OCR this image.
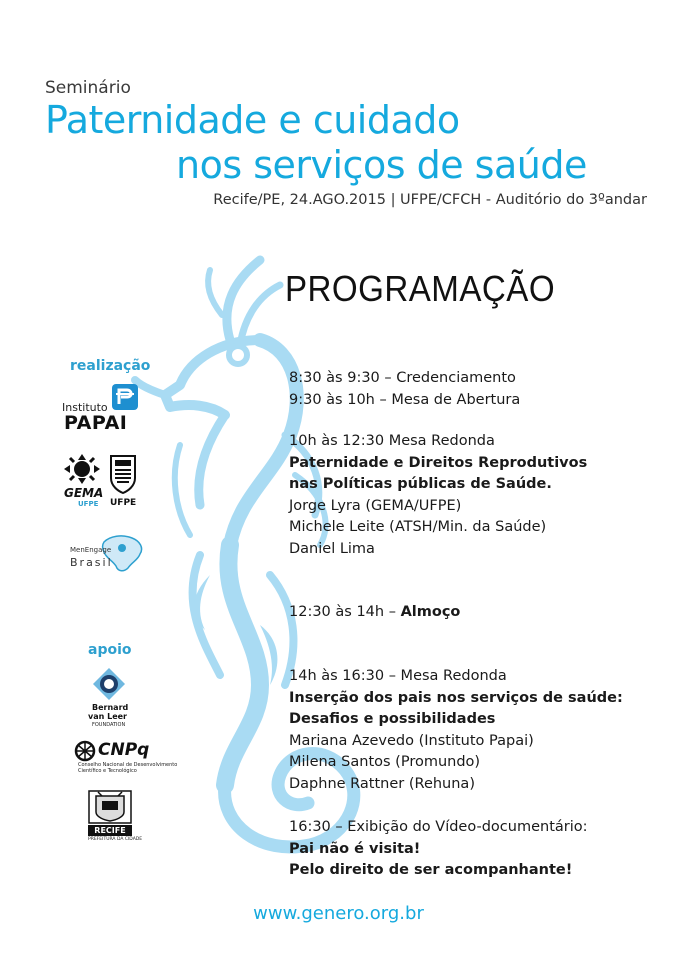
Seminário
Paternidade e cuidado
nos serviços de saúde
Recife/PE, 24.AGO.2015 | UFPE/CFCH - Auditório do 3ºandar
PROGRAMAÇÃO
8:30 às 9:30 – Credenciamento
9:30 às 10h – Mesa de Abertura
10h às 12:30 Mesa Redonda
Paternidade e Direitos Reprodutivos
nas Políticas públicas de Saúde.
Jorge Lyra (GEMA/UFPE)
Michele Leite (ATSH/Min. da Saúde)
Daniel Lima
12:30 às 14h – Almoço
14h às 16:30 – Mesa Redonda
Inserção dos pais nos serviços de saúde:
Desafios e possibilidades
Mariana Azevedo (Instituto Papai)
Milena Santos (Promundo)
Daphne Rattner (Rehuna)
16:30 – Exibição do Vídeo-documentário:
Pai não é visita!
Pelo direito de ser acompanhante!
realização
Instituto
PAPAI
GEMA
UFPE UFPE
MenEngage
Brasil
apoio
Bernard
van Leer
FOUNDATION
CNPq
Conselho Nacional de Desenvolvimento
Científico e Tecnológico
RECIFE
PREFEITURA DA CIDADE
www.genero.org.br
